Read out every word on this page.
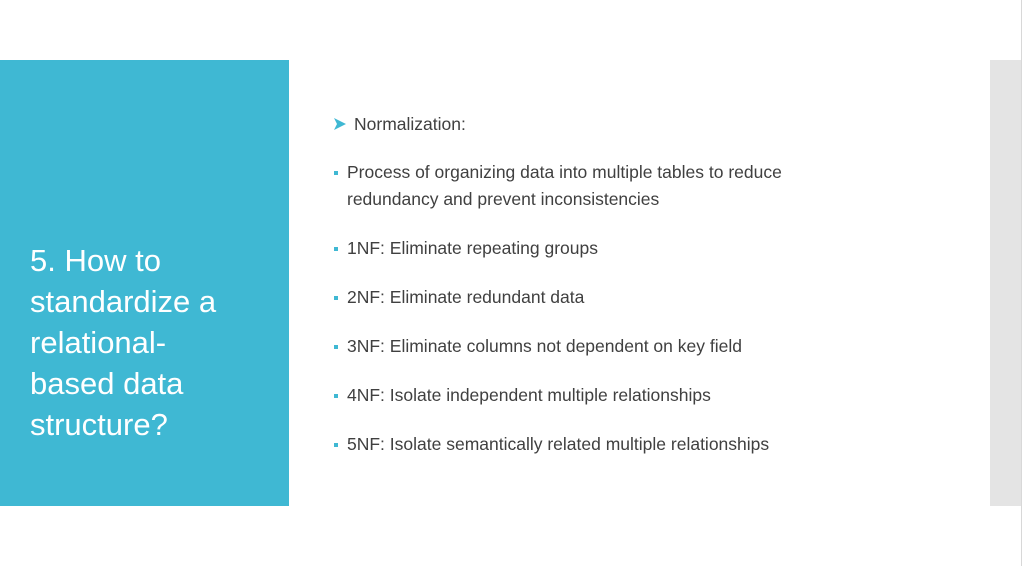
5. How to
standardize a
relational-
based data
structure?
Normalization:
Process of organizing data into multiple tables to reduce
redundancy and prevent inconsistencies
1NF: Eliminate repeating groups
2NF: Eliminate redundant data
3NF: Eliminate columns not dependent on key field
4NF: Isolate independent multiple relationships
5NF: Isolate semantically related multiple relationships
